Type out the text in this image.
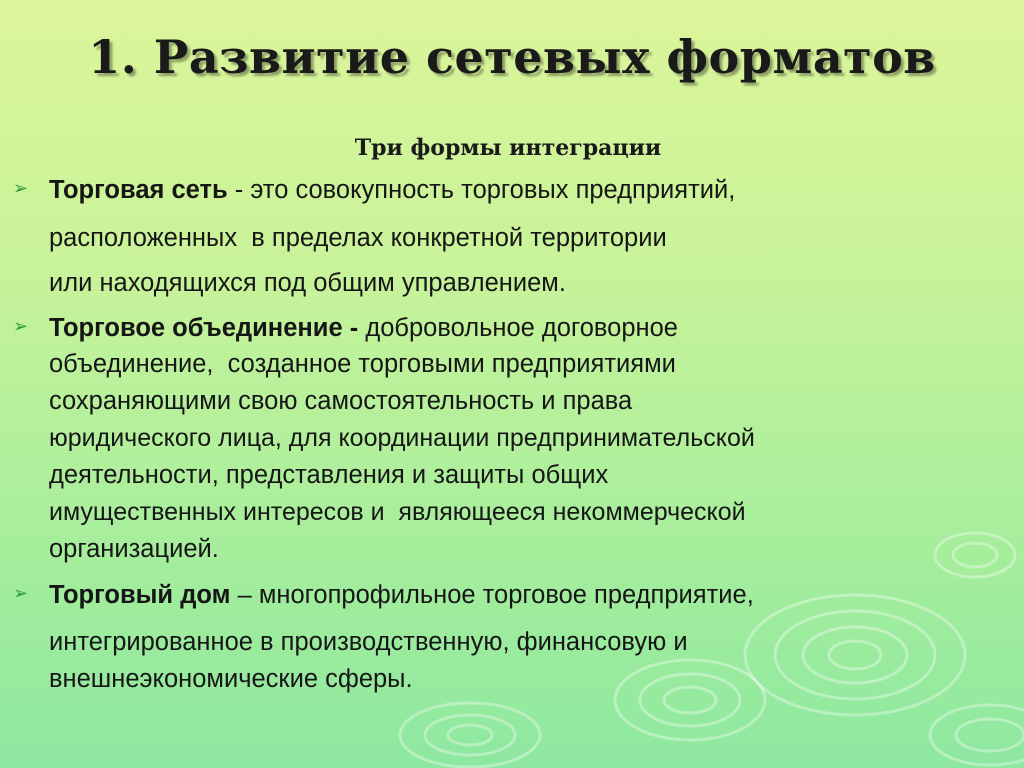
1. Развитие сетевых форматов
Три формы интеграции
➢ Торговая сеть - это совокупность торговых предприятий,
расположенных  в пределах конкретной территории
или находящихся под общим управлением.
➢ Торговое объединение - добровольное договорное
объединение,  созданное торговыми предприятиями
сохраняющими свою самостоятельность и права
юридического лица, для координации предпринимательской
деятельности, представления и защиты общих
имущественных интересов и  являющееся некоммерческой
организацией.
➢ Торговый дом – многопрофильное торговое предприятие,
интегрированное в производственную, финансовую и
внешнеэкономические сферы.
